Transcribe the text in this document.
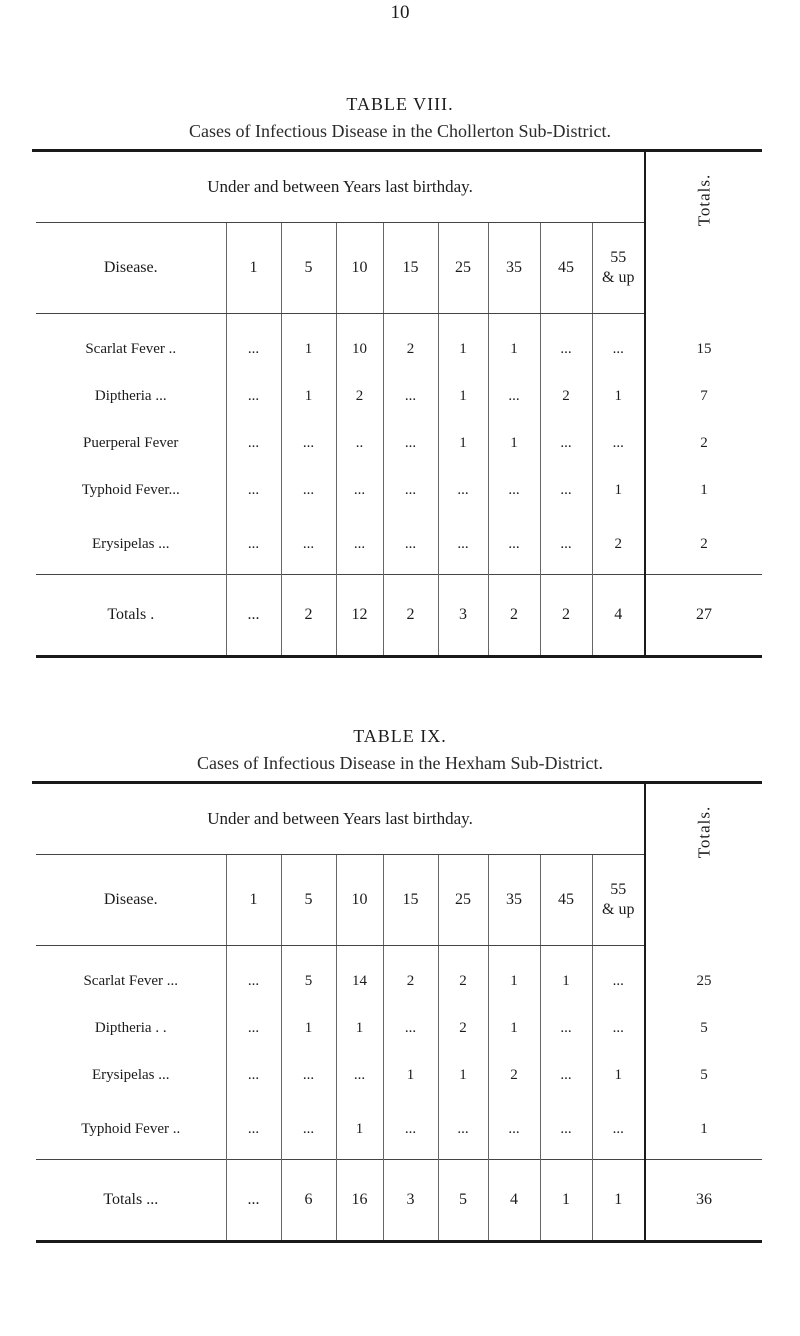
10
TABLE VIII.
Cases of Infectious Disease in the Chollerton Sub-District.
Under and between Years last birthday.									Totals.
Disease.	1	5	10	15	25	35	45	55
& up	
Scarlat Fever ..	...	1	10	2	1	1	...	...	15
Diptheria ...	...	1	2	...	1	...	2	1	7
Puerperal Fever	...	...	..	...	1	1	...	...	2
Typhoid Fever...	...	...	...	...	...	...	...	1	1
Erysipelas ...	...	...	...	...	...	...	...	2	2
Totals .	...	2	12	2	3	2	2	4	27
TABLE IX.
Cases of Infectious Disease in the Hexham Sub-District.
Under and between Years last birthday.									Totals.
Disease.	1	5	10	15	25	35	45	55
& up	
Scarlat Fever ...	...	5	14	2	2	1	1	...	25
Diptheria . .	...	1	1	...	2	1	...	...	5
Erysipelas ...	...	...	...	1	1	2	...	1	5
Typhoid Fever ..	...	...	1	...	...	...	...	...	1
Totals ...	...	6	16	3	5	4	1	1	36
